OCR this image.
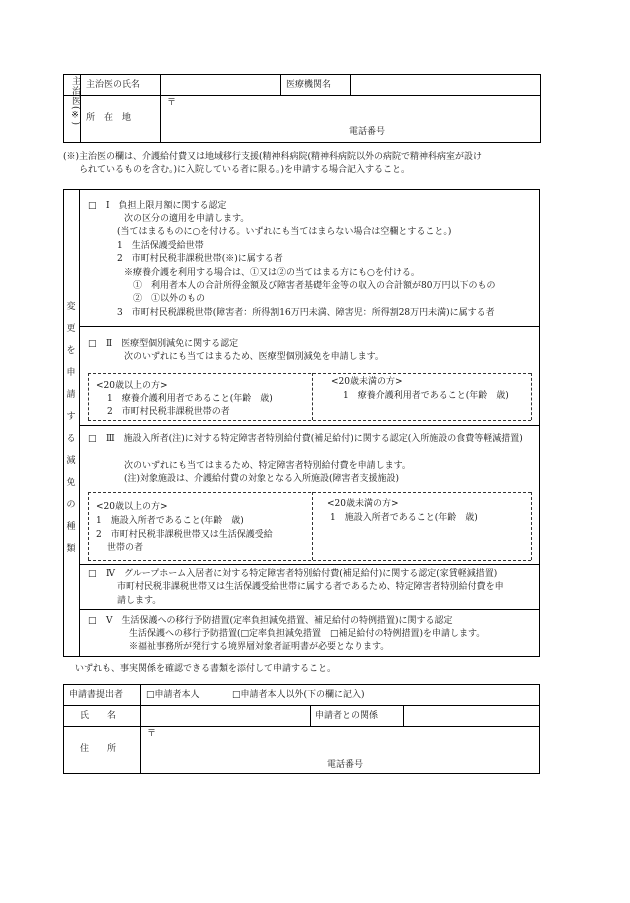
主治医(※) 主治医の氏名	医療機関名
所　在　地
〒
電話番号
(※)主治医の欄は、介護給付費又は地域移行支援(精神科病院(精神科病院以外の病院で精神科病室が設け
られているものを含む。)に入院している者に限る。)を申請する場合記入すること。
変更を申請する減免の種類
□ Ⅰ　負担上限月額に関する認定
次の区分の適用を申請します。
(当てはまるものに○を付ける。いずれにも当てはまらない場合は空欄とすること。)
1　生活保護受給世帯
2　市町村民税非課税世帯(※)に属する者
※療養介護を利用する場合は、①又は②の当てはまる方にも○を付ける。
①　利用者本人の合計所得金額及び障害者基礎年金等の収入の合計額が80万円以下のもの
②　①以外のもの
3　市町村民税課税世帯(障害者：所得割16万円未満、障害児：所得割28万円未満)に属する者
□ Ⅱ　医療型個別減免に関する認定
次のいずれにも当てはまるため、医療型個別減免を申請します。
<20歳以上の方>
1　療養介護利用者であること(年齢　歳)
2　市町村民税非課税世帯の者
<20歳未満の方>
1　療養介護利用者であること(年齢　歳)
□ Ⅲ　施設入所者(注)に対する特定障害者特別給付費(補足給付)に関する認定(入所施設の食費等軽減措置)
次のいずれにも当てはまるため、特定障害者特別給付費を申請します。
(注)対象施設は、介護給付費の対象となる入所施設(障害者支援施設)
<20歳以上の方>
1　施設入所者であること(年齢　歳)
2　市町村民税非課税世帯又は生活保護受給
世帯の者
<20歳未満の方>
1　施設入所者であること(年齢　歳)
□ Ⅳ　グループホーム入居者に対する特定障害者特別給付費(補足給付)に関する認定(家賃軽減措置)
市町村民税非課税世帯又は生活保護受給世帯に属する者であるため、特定障害者特別給付費を申
請します。
□ Ⅴ　生活保護への移行予防措置(定率負担減免措置、補足給付の特例措置)に関する認定
生活保護への移行予防措置(□定率負担減免措置　□補足給付の特例措置)を申請します。
※福祉事務所が発行する境界層対象者証明書が必要となります。
いずれも、事実関係を確認できる書類を添付して申請すること。
申請書提出者	□申請者本人	□申請者本人以外(下の欄に記入)
氏　　名	申請者との関係
住　　所
〒
電話番号
